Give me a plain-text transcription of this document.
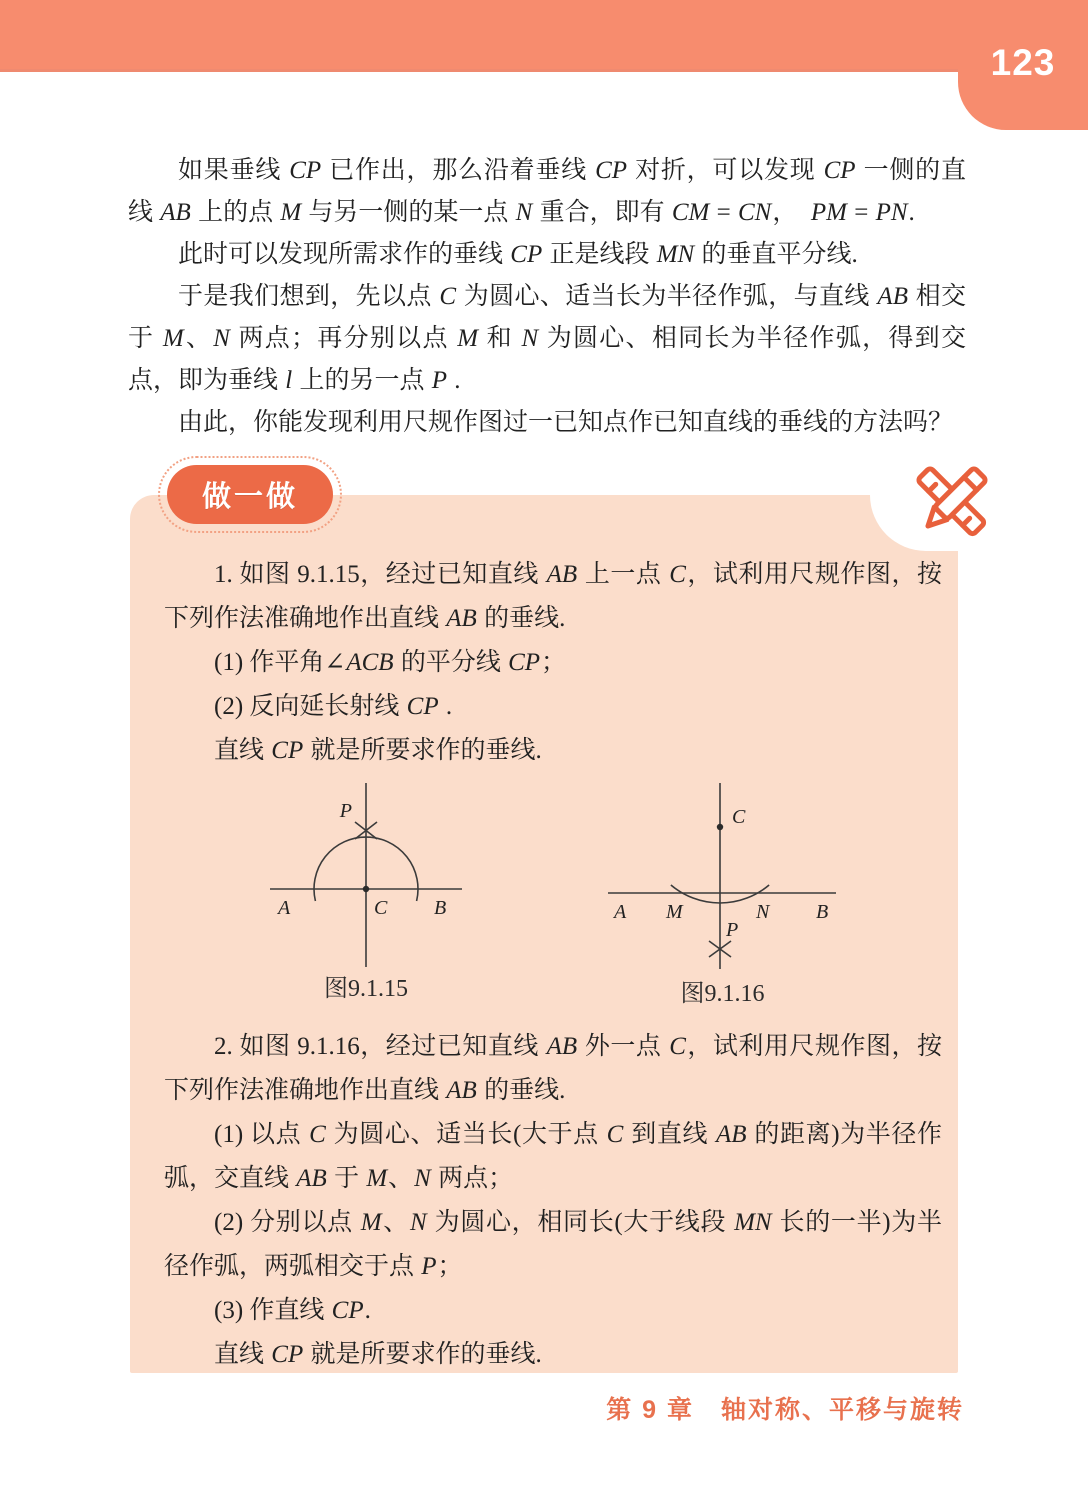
123

如果垂线 CP 已作出，那么沿着垂线 CP 对折，可以发现 CP 一侧的直线 AB 上的点 M 与另一侧的某一点 N 重合，即有 CM = CN，　PM = PN.

此时可以发现所需求作的垂线 CP 正是线段 MN 的垂直平分线.

于是我们想到，先以点 C 为圆心、适当长为半径作弧，与直线 AB 相交于 M、N 两点；再分别以点 M 和 N 为圆心、相同长为半径作弧，得到交点，即为垂线 l 上的另一点 P .

由此，你能发现利用尺规作图过一已知点作已知直线的垂线的方法吗？

1. 如图 9.1.15，经过已知直线 AB 上一点 C，试利用尺规作图，按下列作法准确地作出直线 AB 的垂线.

(1) 作平角∠ACB 的平分线 CP；

(2) 反向延长射线 CP .

直线 CP 就是所要求作的垂线.

P
A	C B
图9.1.15
C
A M	N B
P
图9.1.16

2. 如图 9.1.16，经过已知直线 AB 外一点 C，试利用尺规作图，按下列作法准确地作出直线 AB 的垂线.

(1) 以点 C 为圆心、适当长(大于点 C 到直线 AB 的距离)为半径作弧，交直线 AB 于 M、N 两点；

(2) 分别以点 M、N 为圆心，相同长(大于线段 MN 长的一半)为半径作弧，两弧相交于点 P；

(3) 作直线 CP.

直线 CP 就是所要求作的垂线.

做一做
第 9 章　轴对称、平移与旋转
